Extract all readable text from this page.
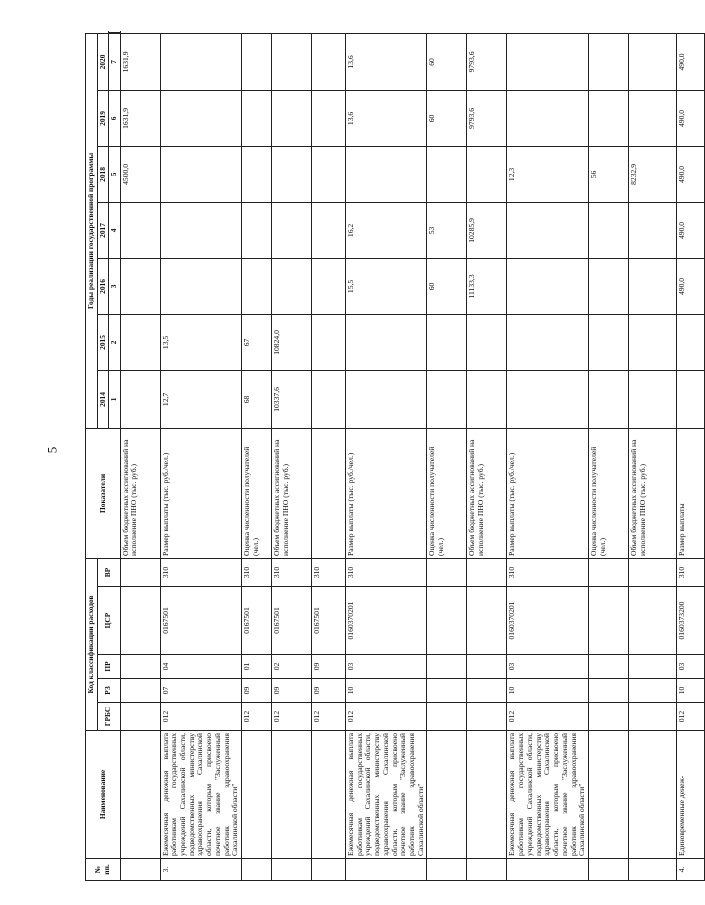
5
№ пп.	Наименование	Код классификации расходов					Показатели	Годы реализации государственной программы							
		ГРБС	РЗ	ПР	ЦСР	ВР		2014	2015	2016	2017	2018	2019	2020	
								1	2	3	4	5	6	7								
							Объем бюджетных ассигнований на исполнение ПНО (тыс. руб.)					4500,0	1631,9	1631,9	
3.	Ежемесячная денежная выплата работникам государственных учреждений Сахалинской области, подведомственных министерству здравоохранения Сахалинской области, которым присвоено почетное звание "Заслуженный работник здравоохранения Сахалинской области"	012	07	04	0167501	310	Размер выплаты (тыс. руб./чел.)	12,7	13,5						
		012	09	01	0167501	310	Оценка численности получателей (чел.)	68	67						
		012	09	02	0167501	310	Объем бюджетных ассигнований на исполнение ПНО (тыс. руб.)	10337,6	10824,0						
		012	09	09	0167501	310									
	Ежемесячная денежная выплата работникам государственных учреждений Сахалинской области, подведомственных министерству здравоохранения Сахалинской области, которым присвоено почетное звание "Заслуженный работник здравоохранения Сахалинской области"	012	10	03	0160370201	310	Размер выплаты (тыс. руб./чел.)			15,5	16,2		13,6	13,6	
							Оценка численности получателей (чел.)			60	53		60	60	
							Объем бюджетных ассигнований на исполнение ПНО (тыс. руб.)			11133,3	10285,9		9793,6	9793,6	
	Ежемесячная денежная выплата работникам государственных учреждений Сахалинской области, подведомственных министерству здравоохранения Сахалинской области, которым присвоено почетное звание "Заслуженный работник здравоохранения Сахалинской области"	012	10	03	0160370201	310	Размер выплаты (тыс. руб./чел.)					12,3			
							Оценка численности получателей (чел.)					56			
							Объем бюджетных ассигнований на исполнение ПНО (тыс. руб.)					8232,9			
4.	Единовременные денеж-	012	10	03	0160373200	310	Размер выплаты			490,0	490,0	490,0	490,0	490,0	
